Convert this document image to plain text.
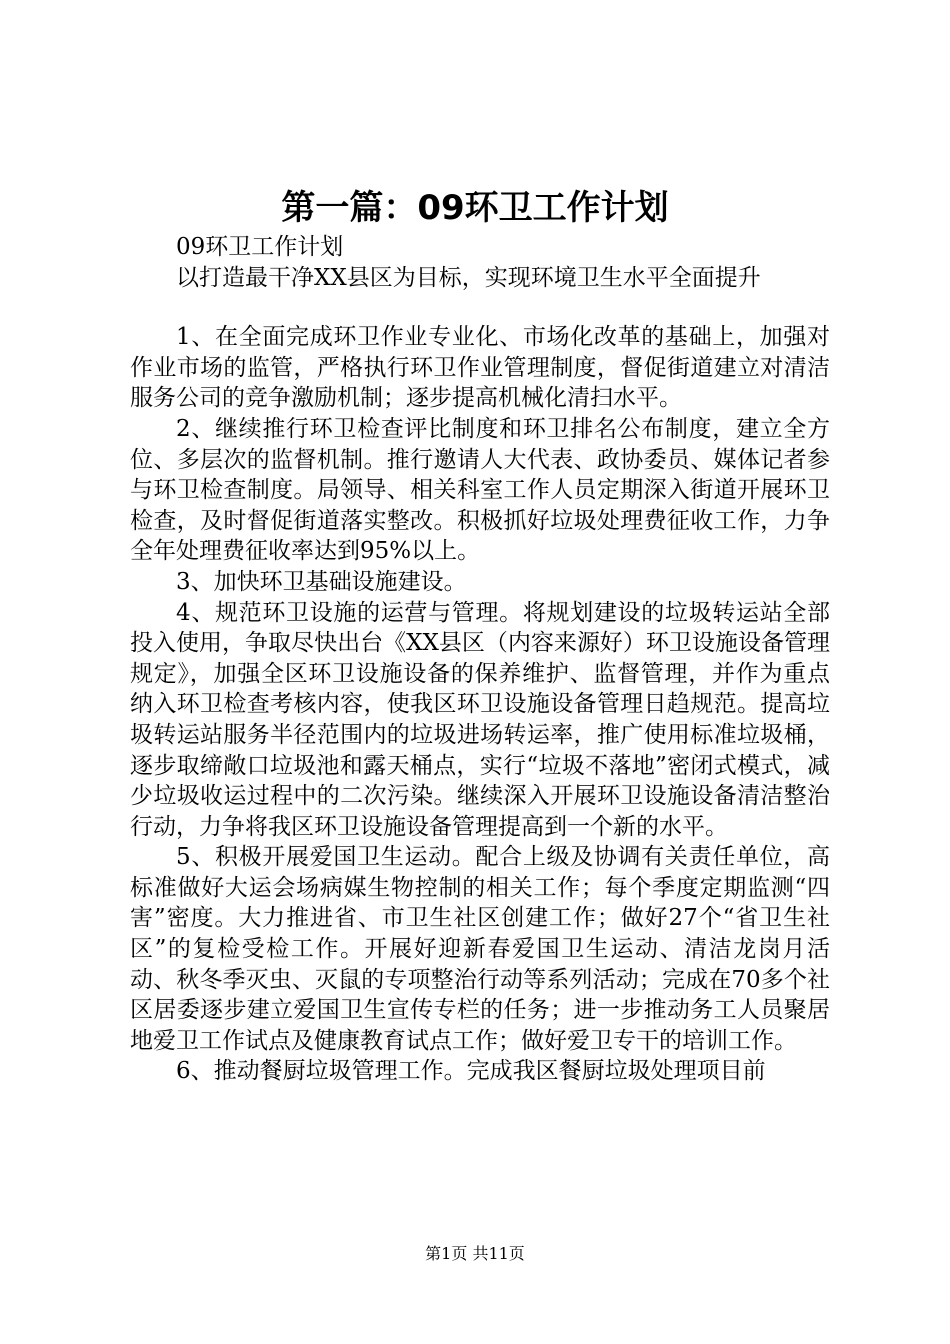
第一篇：09环卫工作计划

09环卫工作计划

以打造最干净XX县区为目标，实现环境卫生水平全面提升

1、在全面完成环卫作业专业化、市场化改革的基础上，加强对作业市场的监管，严格执行环卫作业管理制度，督促街道建立对清洁服务公司的竞争激励机制；逐步提高机械化清扫水平。

2、继续推行环卫检查评比制度和环卫排名公布制度，建立全方位、多层次的监督机制。推行邀请人大代表、政协委员、媒体记者参与环卫检查制度。局领导、相关科室工作人员定期深入街道开展环卫检查，及时督促街道落实整改。积极抓好垃圾处理费征收工作，力争全年处理费征收率达到95%以上。

3、加快环卫基础设施建设。

4、规范环卫设施的运营与管理。将规划建设的垃圾转运站全部投入使用，争取尽快出台《XX县区（内容来源好）环卫设施设备管理规定》，加强全区环卫设施设备的保养维护、监督管理，并作为重点纳入环卫检查考核内容，使我区环卫设施设备管理日趋规范。提高垃圾转运站服务半径范围内的垃圾进场转运率，推广使用标准垃圾桶，逐步取缔敞口垃圾池和露天桶点，实行“垃圾不落地”密闭式模式，减少垃圾收运过程中的二次污染。继续深入开展环卫设施设备清洁整治行动，力争将我区环卫设施设备管理提高到一个新的水平。

5、积极开展爱国卫生运动。配合上级及协调有关责任单位，高标准做好大运会场病媒生物控制的相关工作；每个季度定期监测“四害”密度。大力推进省、市卫生社区创建工作；做好27个“省卫生社区”的复检受检工作。开展好迎新春爱国卫生运动、清洁龙岗月活动、秋冬季灭虫、灭鼠的专项整治行动等系列活动；完成在70多个社区居委逐步建立爱国卫生宣传专栏的任务；进一步推动务工人员聚居地爱卫工作试点及健康教育试点工作；做好爱卫专干的培训工作。

6、推动餐厨垃圾管理工作。完成我区餐厨垃圾处理项目前

第1页 共11页
